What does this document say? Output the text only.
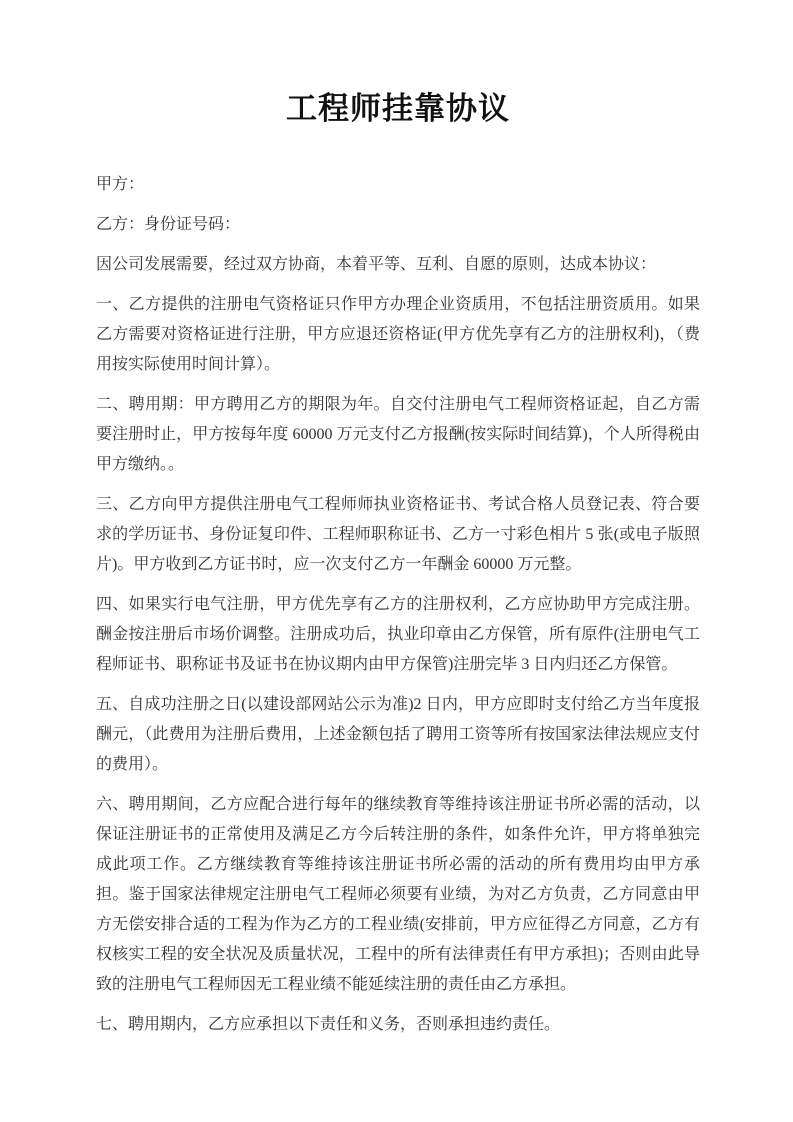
工程师挂靠协议

甲方：

乙方：身份证号码：

因公司发展需要，经过双方协商，本着平等、互利、自愿的原则，达成本协议：

一、乙方提供的注册电气资格证只作甲方办理企业资质用，不包括注册资质用。如果乙方需要对资格证进行注册，甲方应退还资格证(甲方优先享有乙方的注册权利)，（费用按实际使用时间计算）。

二、聘用期：甲方聘用乙方的期限为年。自交付注册电气工程师资格证起，自乙方需要注册时止，甲方按每年度 60000 万元支付乙方报酬(按实际时间结算)，个人所得税由甲方缴纳。。

三、乙方向甲方提供注册电气工程师师执业资格证书、考试合格人员登记表、符合要求的学历证书、身份证复印件、工程师职称证书、乙方一寸彩色相片 5 张(或电子版照片)。甲方收到乙方证书时，应一次支付乙方一年酬金 60000 万元整。

四、如果实行电气注册，甲方优先享有乙方的注册权利，乙方应协助甲方完成注册。酬金按注册后市场价调整。注册成功后，执业印章由乙方保管，所有原件(注册电气工程师证书、职称证书及证书在协议期内由甲方保管)注册完毕 3 日内归还乙方保管。

五、自成功注册之日(以建设部网站公示为准)2 日内，甲方应即时支付给乙方当年度报酬元，（此费用为注册后费用，上述金额包括了聘用工资等所有按国家法律法规应支付的费用）。

六、聘用期间，乙方应配合进行每年的继续教育等维持该注册证书所必需的活动，以保证注册证书的正常使用及满足乙方今后转注册的条件，如条件允许，甲方将单独完成此项工作。乙方继续教育等维持该注册证书所必需的活动的所有费用均由甲方承担。鉴于国家法律规定注册电气工程师必须要有业绩，为对乙方负责，乙方同意由甲方无偿安排合适的工程为作为乙方的工程业绩(安排前，甲方应征得乙方同意，乙方有权核实工程的安全状况及质量状况，工程中的所有法律责任有甲方承担)；否则由此导致的注册电气工程师因无工程业绩不能延续注册的责任由乙方承担。

七、聘用期内，乙方应承担以下责任和义务，否则承担违约责任。
